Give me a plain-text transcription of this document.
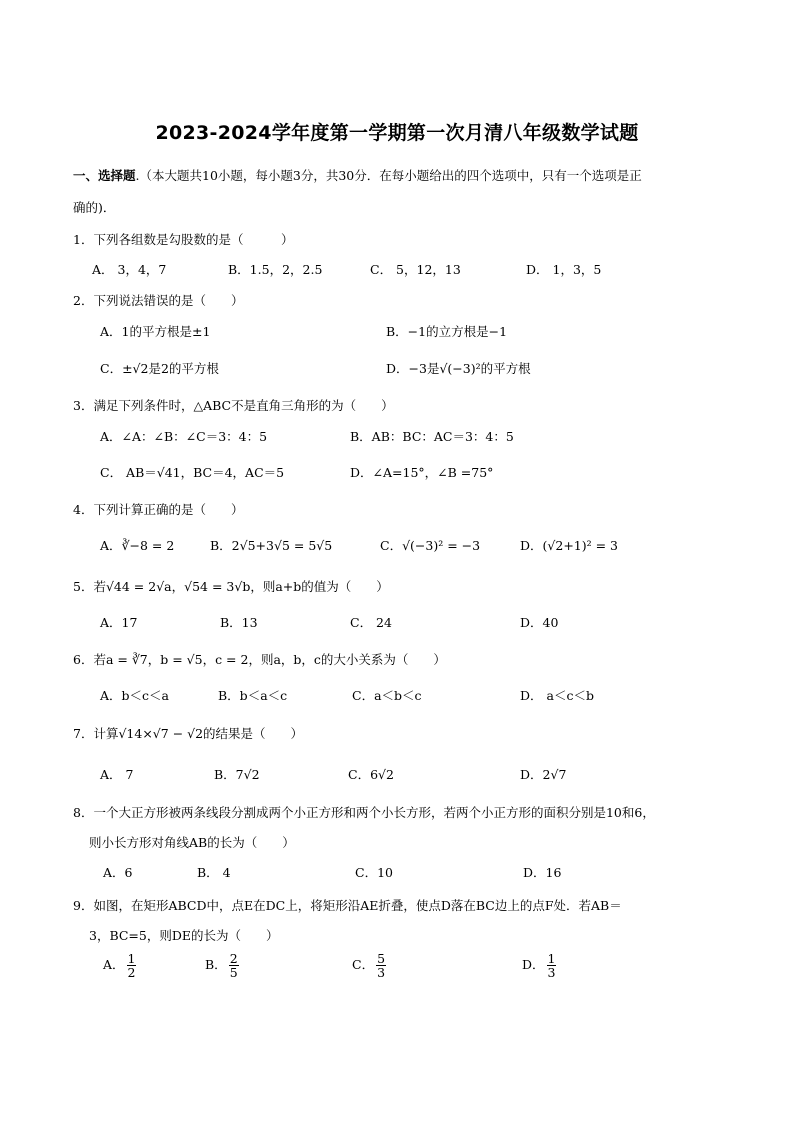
2023-2024学年度第一学期第一次月清八年级数学试题
一、选择题.（本大题共10小题，每小题3分，共30分．在每小题给出的四个选项中，只有一个选项是正
确的)．
1．下列各组数是勾股数的是（　　　）
A． 3，4，7	B．1.5，2，2.5	C． 5，12，13	D． 1，3，5
2．下列说法错误的是（　　）
A．1的平方根是±1	B．−1的立方根是−1
C．±√2是2的平方根	D．−3是√(−3)²的平方根
3．满足下列条件时，△ABC不是直角三角形的为（　　）
A．∠A：∠B：∠C＝3：4：5	B．AB：BC：AC＝3：4：5
C． AB＝√41，BC＝4，AC＝5	D．∠A=15°，∠B =75°
4．下列计算正确的是（　　）
A．∛−8 = 2	B．2√5+3√5 = 5√5	C．√(−3)² = −3	D．(√2+1)² = 3
5．若√44 = 2√a，√54 = 3√b，则a+b的值为（　　）
A．17	B．13	C． 24	D．40
6．若a = ∛7，b = √5，c = 2，则a，b，c的大小关系为（　　）
A．b＜c＜a	B．b＜a＜c	C．a＜b＜c	D． a＜c＜b
7．计算√14×√7 − √2的结果是（　　）
A． 7	B．7√2	C．6√2	D．2√7
8．一个大正方形被两条线段分割成两个小正方形和两个小长方形，若两个小正方形的面积分别是10和6，
则小长方形对角线AB的长为（　　）
A．6	B． 4	C．10	D．16
9．如图，在矩形ABCD中，点E在DC上，将矩形沿AE折叠，使点D落在BC边上的点F处．若AB＝
3，BC=5，则DE的长为（　　）
A． $\frac{1}{2}$	B． $\frac{2}{5}$	C． $\frac{5}{3}$	D． $\frac{1}{3}$
